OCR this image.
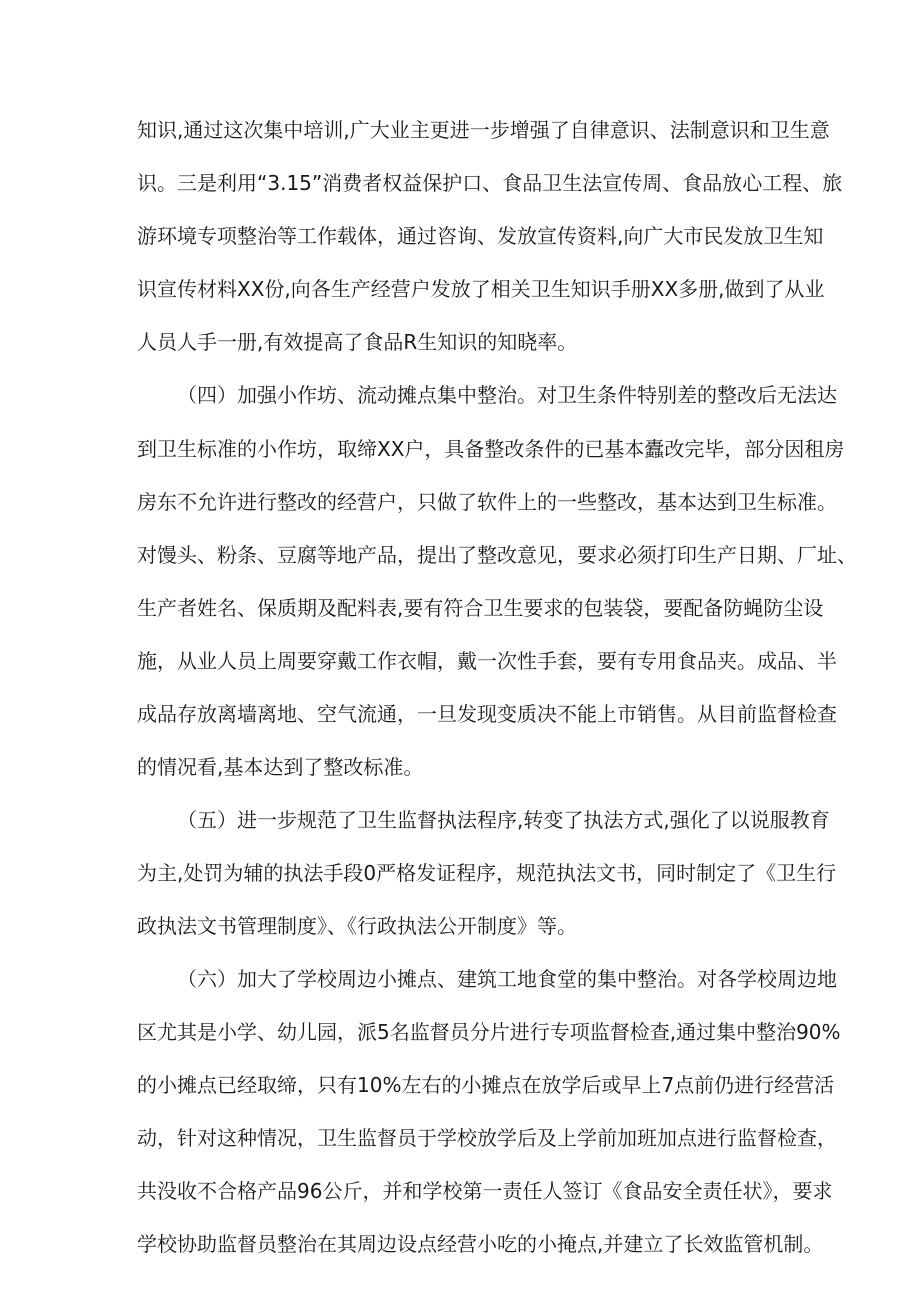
知识,通过这次集中培训,广大业主更进一步增强了自律意识、法制意识和卫生意
识。三是利用“3.15”消费者权益保护口、食品卫生法宣传周、食品放心工程、旅
游环境专项整治等工作载体，通过咨询、发放宣传资料,向广大市民发放卫生知
识宣传材料XX份,向各生产经营户发放了相关卫生知识手册XX多册,做到了从业
人员人手一册,有效提高了食品R生知识的知晓率。
（四）加强小作坊、流动摊点集中整治。对卫生条件特别差的整改后无法达
到卫生标准的小作坊，取缔XX户，具备整改条件的已基本蠹改完毕，部分因租房
房东不允许进行整改的经营户，只做了软件上的一些整改，基本达到卫生标准。
对馒头、粉条、豆腐等地产品，提出了整改意见，要求必须打印生产日期、厂址、
生产者姓名、保质期及配料表,要有符合卫生要求的包装袋，要配备防蝇防尘设
施，从业人员上周要穿戴工作衣帽，戴一次性手套，要有专用食品夹。成品、半
成品存放离墙离地、空气流通，一旦发现变质决不能上市销售。从目前监督检查
的情况看,基本达到了整改标准。
（五）进一步规范了卫生监督执法程序,转变了执法方式,强化了以说服教育
为主,处罚为辅的执法手段0严格发证程序，规范执法文书，同时制定了《卫生行
政执法文书管理制度》、《行政执法公开制度》等。
（六）加大了学校周边小摊点、建筑工地食堂的集中整治。对各学校周边地
区尤其是小学、幼儿园，派5名监督员分片进行专项监督检查,通过集中整治90%
的小摊点已经取缔，只有10%左右的小摊点在放学后或早上7点前仍进行经营活
动，针对这种情况，卫生监督员于学校放学后及上学前加班加点进行监督检查，
共没收不合格产品96公斤，并和学校第一责任人签订《食品安全责任状》，要求
学校协助监督员整治在其周边设点经营小吃的小掩点,并建立了长效监管机制。
